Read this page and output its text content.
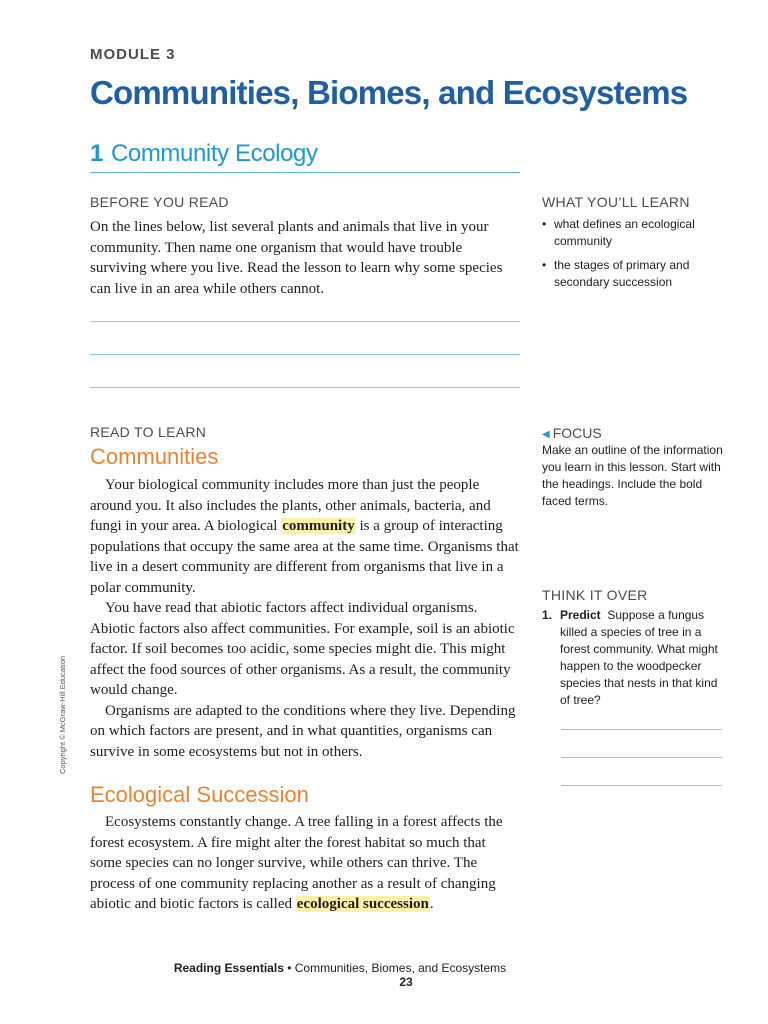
MODULE 3
Communities, Biomes, and Ecosystems
1 Community Ecology
BEFORE YOU READ
On the lines below, list several plants and animals that live in your community. Then name one organism that would have trouble surviving where you live. Read the lesson to learn why some species can live in an area while others cannot.
WHAT YOU’LL LEARN
• what defines an ecological community
• the stages of primary and secondary succession
READ TO LEARN
Communities

Your biological community includes more than just the people around you. It also includes the plants, other animals, bacteria, and fungi in your area. A biological community is a group of interacting populations that occupy the same area at the same time. Organisms that live in a desert community are different from organisms that live in a polar community.

You have read that abiotic factors affect individual organisms. Abiotic factors also affect communities. For example, soil is an abiotic factor. If soil becomes too acidic, some species might die. This might affect the food sources of other organisms. As a result, the community would change.

Organisms are adapted to the conditions where they live. Depending on which factors are present, and in what quantities, organisms can survive in some ecosystems but not in others.

Ecological Succession

Ecosystems constantly change. A tree falling in a forest affects the forest ecosystem. A fire might alter the forest habitat so much that some species can no longer survive, while others can thrive. The process of one community replacing another as a result of changing abiotic and biotic factors is called ecological succession.

◀ FOCUS
Make an outline of the information you learn in this lesson. Start with the headings. Include the bold faced terms.
THINK IT OVER
1. Predict Suppose a fungus killed a species of tree in a forest community. What might happen to the woodpecker species that nests in that kind of tree?
Copyright © McGraw-Hill Education
Reading Essentials • Communities, Biomes, and Ecosystems
23
